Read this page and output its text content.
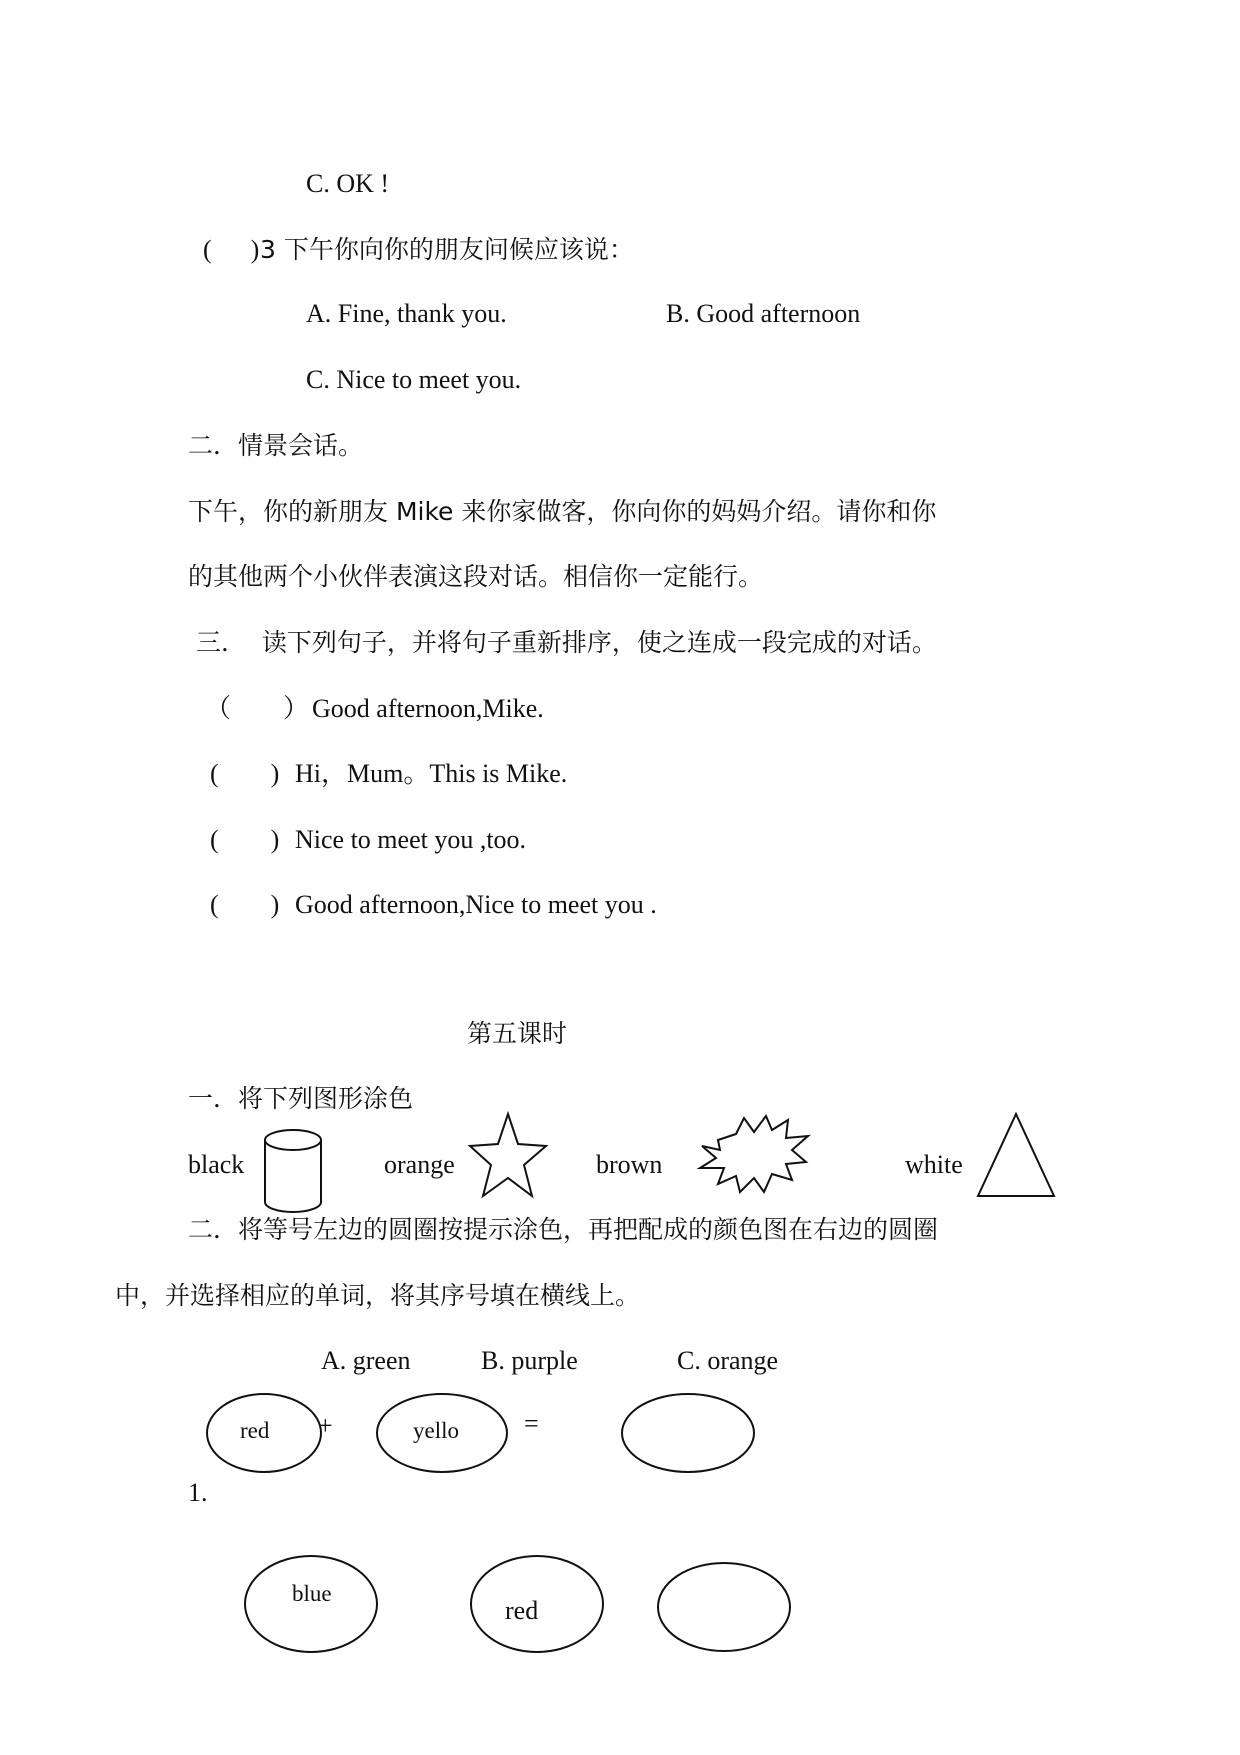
C. OK !
(      ) 3 下午你向你的朋友问候应该说：
A. Fine, thank you.	B. Good afternoon
C. Nice to meet you.
二．情景会话。
下午，你的新朋友 Mike 来你家做客，你向你的妈妈介绍。请你和你
的其他两个小伙伴表演这段对话。相信你一定能行。
三．  读下列句子，并将句子重新排序，使之连成一段完成的对话。
（        ） Good afternoon,Mike.
(        ) Hi，Mum。This is Mike.
(        ) Nice to meet you ,too.
(        ) Good afternoon,Nice to meet you .
第五课时
一．将下列图形涂色
black	orange	brown	white
二．将等号左边的圆圈按提示涂色，再把配成的颜色图在右边的圆圈
中，并选择相应的单词，将其序号填在横线上。
A. green	B. purple	C. orange
red +	yello	=
1.
blue
red
